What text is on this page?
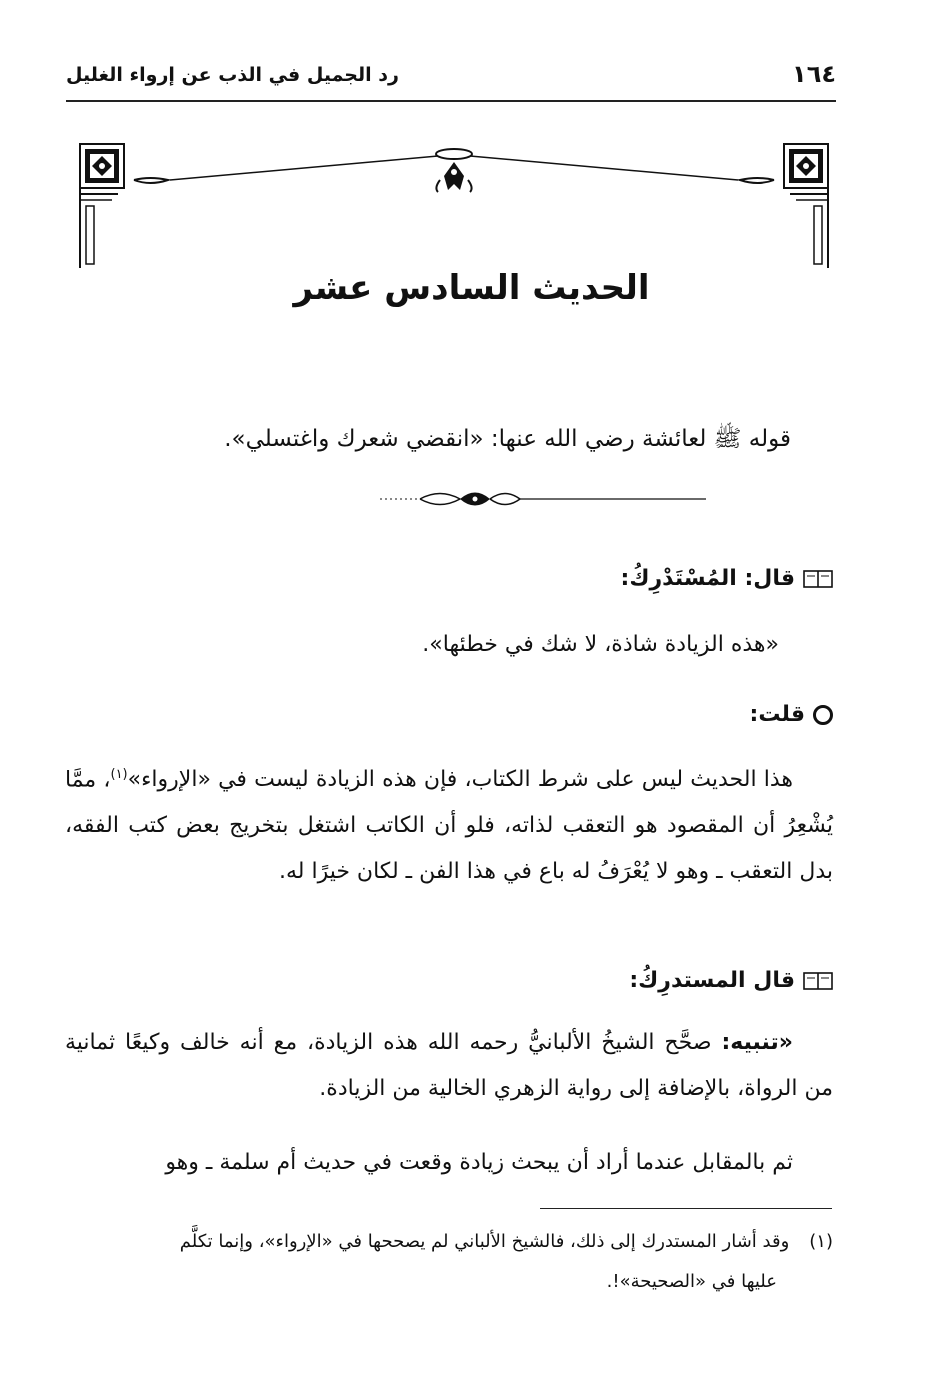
١٦٤
رد الجميل في الذب عن إرواء الغليل
الحديث السادس عشر
قوله ﷺ لعائشة رضي الله عنها: «انقضي شعرك واغتسلي».
قال: المُسْتَدْرِكُ:
«هذه الزيادة شاذة، لا شك في خطئها».
قلت:
هذا الحديث ليس على شرط الكتاب، فإن هذه الزيادة ليست في «الإرواء»$^{(١)}$، ممَّا يُشْعِرُ أن المقصود هو التعقب لذاته، فلو أن الكاتب اشتغل بتخريج بعض كتب الفقه، بدل التعقب ـ وهو لا يُعْرَفُ له باع في هذا الفن ـ لكان خيرًا له.
قال المستدرِكُ:
«تنبيه: صحَّح الشيخُ الألبانيُّ رحمه الله هذه الزيادة، مع أنه خالف وكيعًا ثمانية من الرواة، بالإضافة إلى رواية الزهري الخالية من الزيادة.
ثم بالمقابل عندما أراد أن يبحث زيادة وقعت في حديث أم سلمة ـ وهو
(١)وقد أشار المستدرك إلى ذلك، فالشيخ الألباني لم يصححها في «الإرواء»، وإنما تكلَّم
عليها في «الصحيحة»!.
